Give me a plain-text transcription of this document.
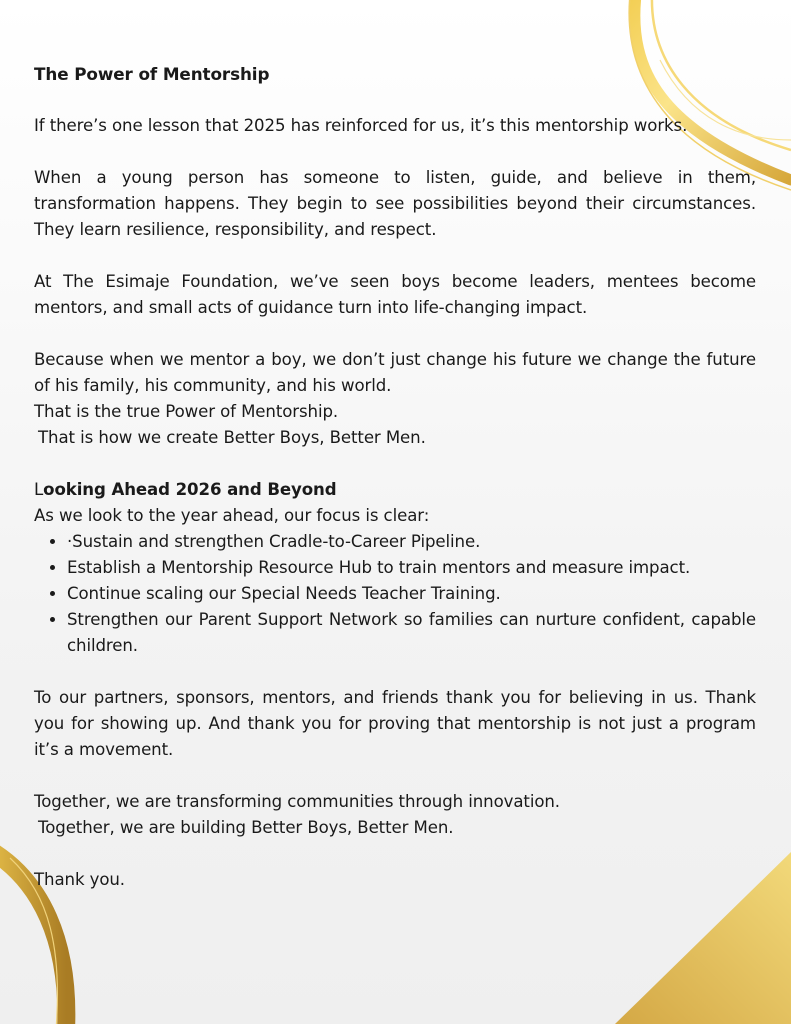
The Power of Mentorship

If there’s one lesson that 2025 has reinforced for us, it’s this mentorship works.

When a young person has someone to listen, guide, and believe in them, transformation happens. They begin to see possibilities beyond their circumstances. They learn resilience, responsibility, and respect.

At The Esimaje Foundation, we’ve seen boys become leaders, mentees become mentors, and small acts of guidance turn into life-changing impact.

Because when we mentor a boy, we don’t just change his future we change the future of his family, his community, and his world.

That is the true Power of Mentorship.

That is how we create Better Boys, Better Men.

Looking Ahead 2026 and Beyond

As we look to the year ahead, our focus is clear:

• ·Sustain and strengthen Cradle-to-Career Pipeline.
• Establish a Mentorship Resource Hub to train mentors and measure impact.
• Continue scaling our Special Needs Teacher Training.
• Strengthen our Parent Support Network so families can nurture confident, capable children.

To our partners, sponsors, mentors, and friends thank you for believing in us. Thank you for showing up. And thank you for proving that mentorship is not just a program it’s a movement.

Together, we are transforming communities through innovation.

Together, we are building Better Boys, Better Men.

Thank you.
